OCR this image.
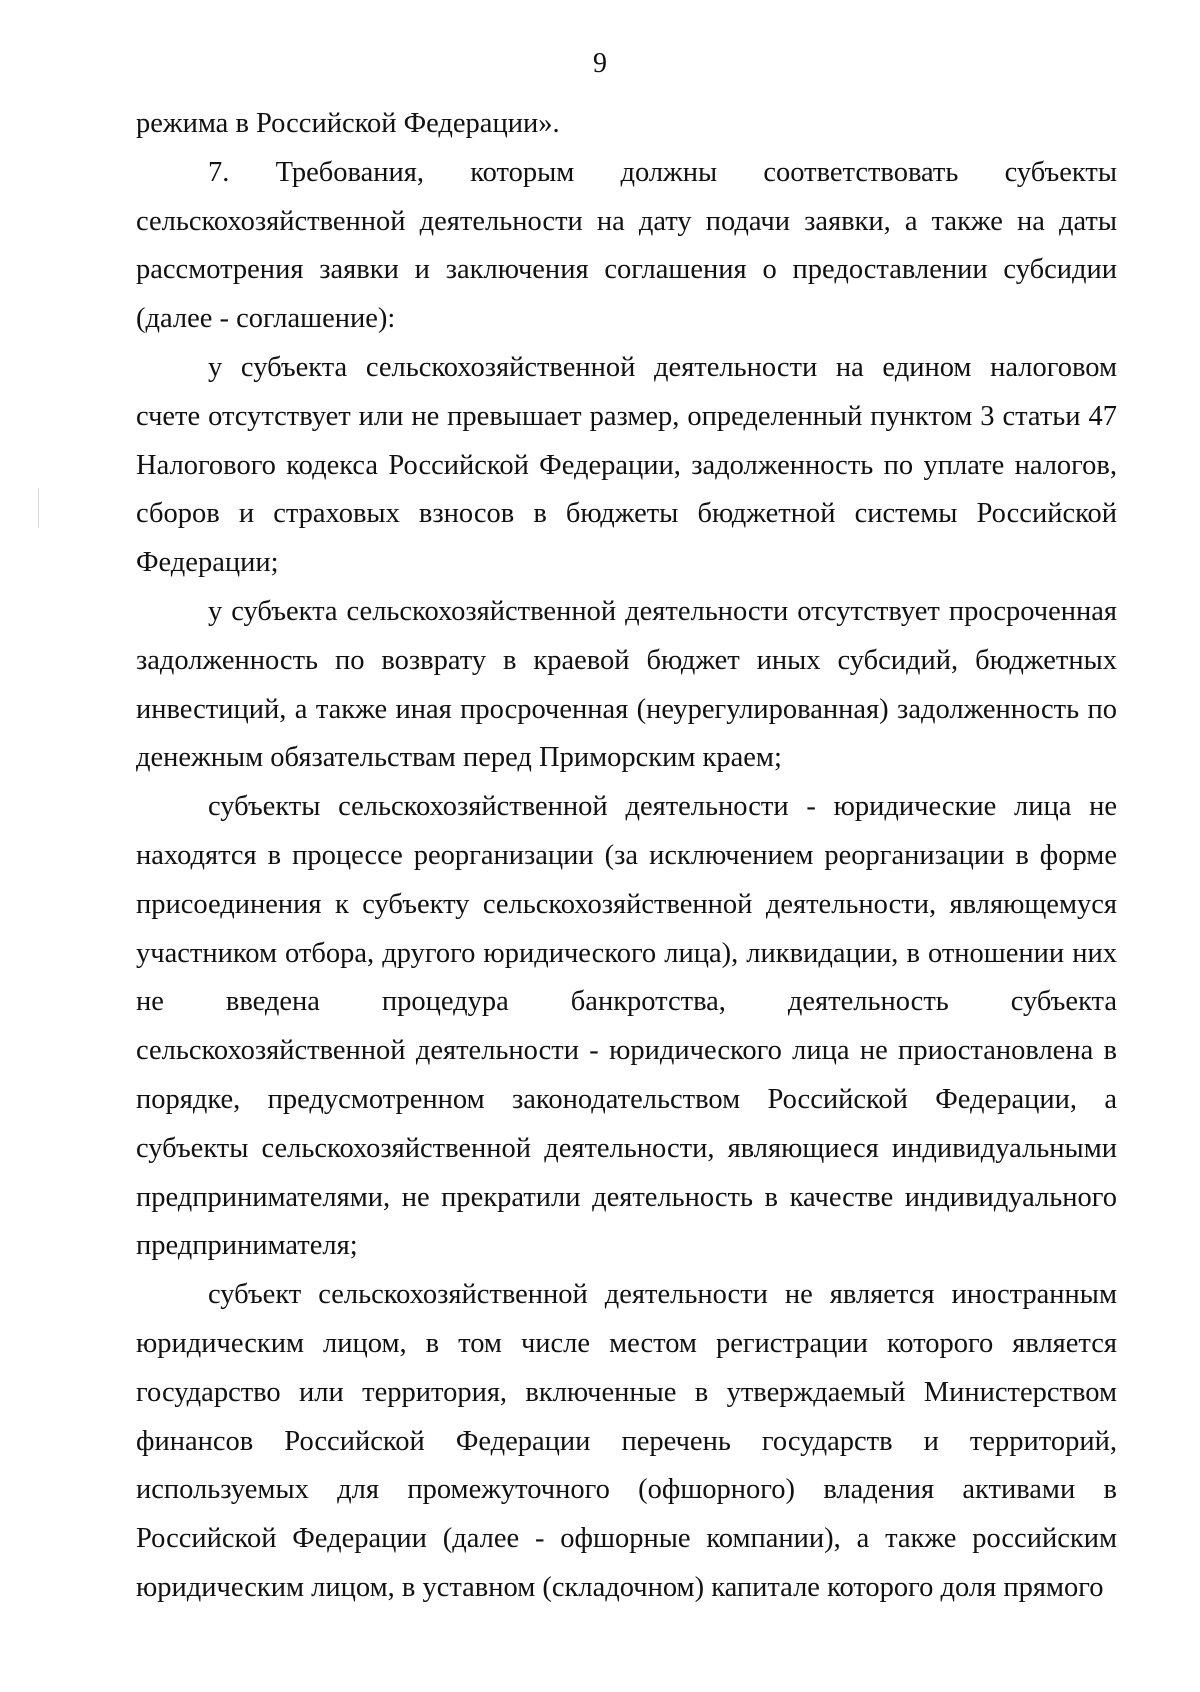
9

режима в Российской Федерации».

7. Требования, которым должны соответствовать субъекты сельскохозяйственной деятельности на дату подачи заявки, а также на даты рассмотрения заявки и заключения соглашения о предоставлении субсидии (далее - соглашение):

у субъекта сельскохозяйственной деятельности на едином налоговом счете отсутствует или не превышает размер, определенный пунктом 3 статьи 47 Налогового кодекса Российской Федерации, задолженность по уплате налогов, сборов и страховых взносов в бюджеты бюджетной системы Российской Федерации;

у субъекта сельскохозяйственной деятельности отсутствует просроченная задолженность по возврату в краевой бюджет иных субсидий, бюджетных инвестиций, а также иная просроченная (неурегулированная) задолженность по денежным обязательствам перед Приморским краем;

субъекты сельскохозяйственной деятельности - юридические лица не находятся в процессе реорганизации (за исключением реорганизации в форме присоединения к субъекту сельскохозяйственной деятельности, являющемуся участником отбора, другого юридического лица), ликвидации, в отношении них не введена процедура банкротства, деятельность субъекта сельскохозяйственной деятельности - юридического лица не приостановлена в порядке, предусмотренном законодательством Российской Федерации, а субъекты сельскохозяйственной деятельности, являющиеся индивидуальными предпринимателями, не прекратили деятельность в качестве индивидуального предпринимателя;

субъект сельскохозяйственной деятельности не является иностранным юридическим лицом, в том числе местом регистрации которого является государство или территория, включенные в утверждаемый Министерством финансов Российской Федерации перечень государств и территорий, используемых для промежуточного (офшорного) владения активами в Российской Федерации (далее - офшорные компании), а также российским юридическим лицом, в уставном (складочном) капитале которого доля прямого
